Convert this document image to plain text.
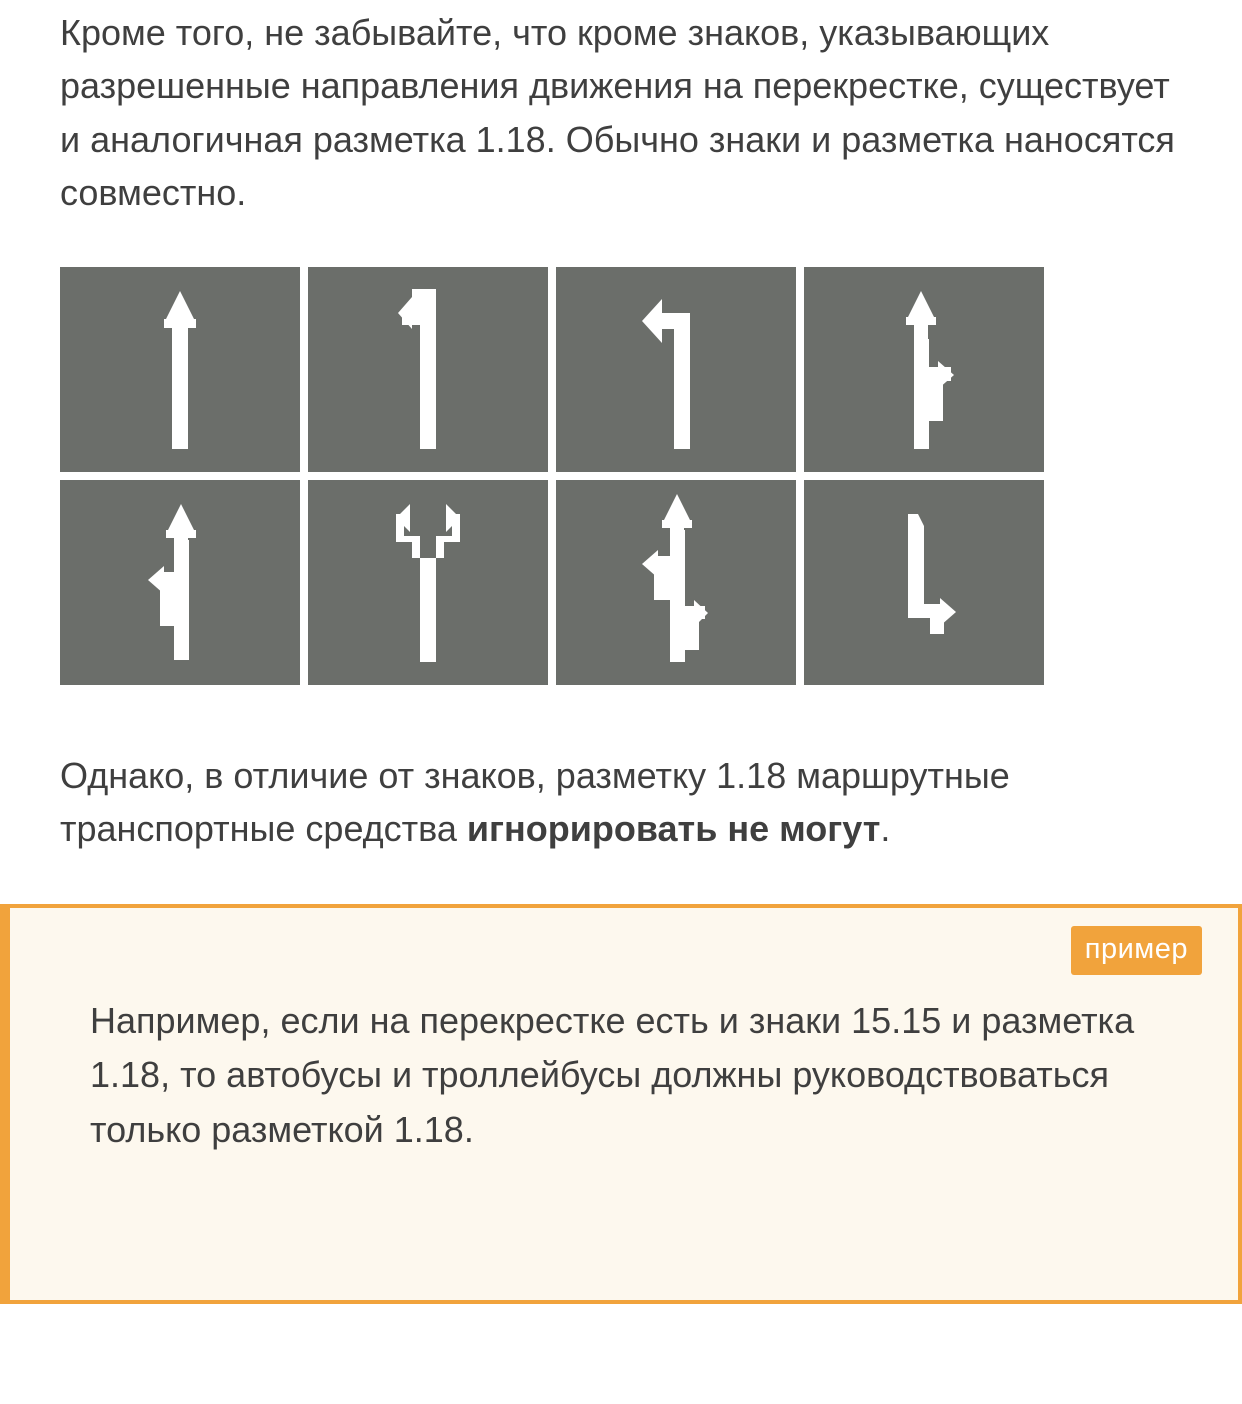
Кроме того, не забывайте, что кроме знаков, указывающих разрешенные направления движения на перекрестке, существует и аналогичная разметка 1.18. Обычно знаки и разметка наносятся совместно.

Однако, в отличие от знаков, разметку 1.18 маршрутные транспортные средства игнорировать не могут.

пример

Например, если на перекрестке есть и знаки 15.15 и разметка 1.18, то автобусы и троллейбусы должны руководствоваться только разметкой 1.18.
